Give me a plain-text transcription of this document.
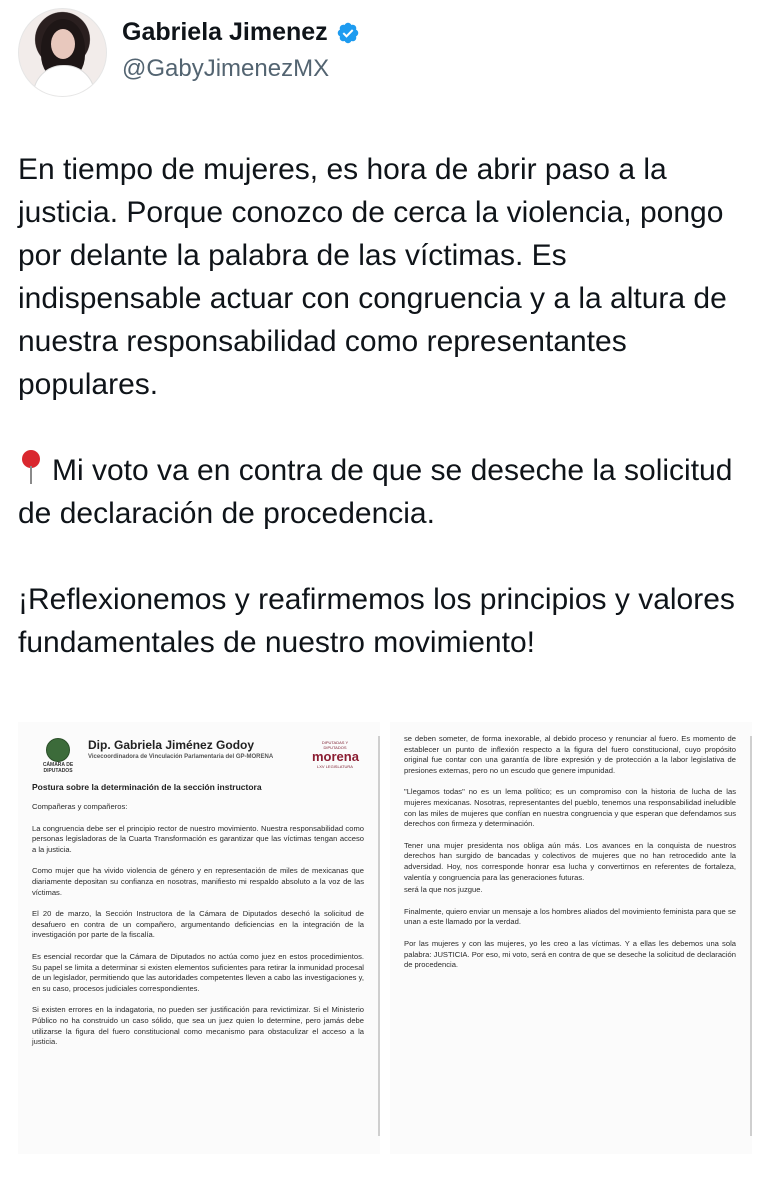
Gabriela Jimenez
@GabyJimenezMX

En tiempo de mujeres, es hora de abrir paso a la justicia. Porque conozco de cerca la violencia, pongo por delante la palabra de las víctimas. Es indispensable actuar con congruencia y a la altura de nuestra responsabilidad como representantes populares.

Mi voto va en contra de que se deseche la solicitud de declaración de procedencia.

¡Reflexionemos y reafirmemos los principios y valores fundamentales de nuestro movimiento!

CÁMARA DE DIPUTADOS
Dip. Gabriela Jiménez Godoy
Vicecoordinadora de Vinculación Parlamentaria del GP-MORENA
DIPUTADAS Y DIPUTADOS
morena
LXV LEGISLATURA
Postura sobre la determinación de la sección instructora

Compañeras y compañeros:

La congruencia debe ser el principio rector de nuestro movimiento. Nuestra responsabilidad como personas legisladoras de la Cuarta Transformación es garantizar que las víctimas tengan acceso a la justicia.

Como mujer que ha vivido violencia de género y en representación de miles de mexicanas que diariamente depositan su confianza en nosotras, manifiesto mi respaldo absoluto a la voz de las víctimas.

El 20 de marzo, la Sección Instructora de la Cámara de Diputados desechó la solicitud de desafuero en contra de un compañero, argumentando deficiencias en la integración de la investigación por parte de la fiscalía.

Es esencial recordar que la Cámara de Diputados no actúa como juez en estos procedimientos. Su papel se limita a determinar si existen elementos suficientes para retirar la inmunidad procesal de un legislador, permitiendo que las autoridades competentes lleven a cabo las investigaciones y, en su caso, procesos judiciales correspondientes.

Si existen errores en la indagatoria, no pueden ser justificación para revictimizar. Si el Ministerio Público no ha construido un caso sólido, que sea un juez quien lo determine, pero jamás debe utilizarse la figura del fuero constitucional como mecanismo para obstaculizar el acceso a la justicia.

se deben someter, de forma inexorable, al debido proceso y renunciar al fuero. Es momento de establecer un punto de inflexión respecto a la figura del fuero constitucional, cuyo propósito original fue contar con una garantía de libre expresión y de protección a la labor legislativa de presiones externas, pero no un escudo que genere impunidad.

"Llegamos todas" no es un lema político; es un compromiso con la historia de lucha de las mujeres mexicanas. Nosotras, representantes del pueblo, tenemos una responsabilidad ineludible con las miles de mujeres que confían en nuestra congruencia y que esperan que defendamos sus derechos con firmeza y determinación.

Tener una mujer presidenta nos obliga aún más. Los avances en la conquista de nuestros derechos han surgido de bancadas y colectivos de mujeres que no han retrocedido ante la adversidad. Hoy, nos corresponde honrar esa lucha y convertirnos en referentes de fortaleza, valentía y congruencia para las generaciones futuras.

será la que nos juzgue.

Finalmente, quiero enviar un mensaje a los hombres aliados del movimiento feminista para que se unan a este llamado por la verdad.

Por las mujeres y con las mujeres, yo les creo a las víctimas. Y a ellas les debemos una sola palabra: JUSTICIA. Por eso, mi voto, será en contra de que se deseche la solicitud de declaración de procedencia.
